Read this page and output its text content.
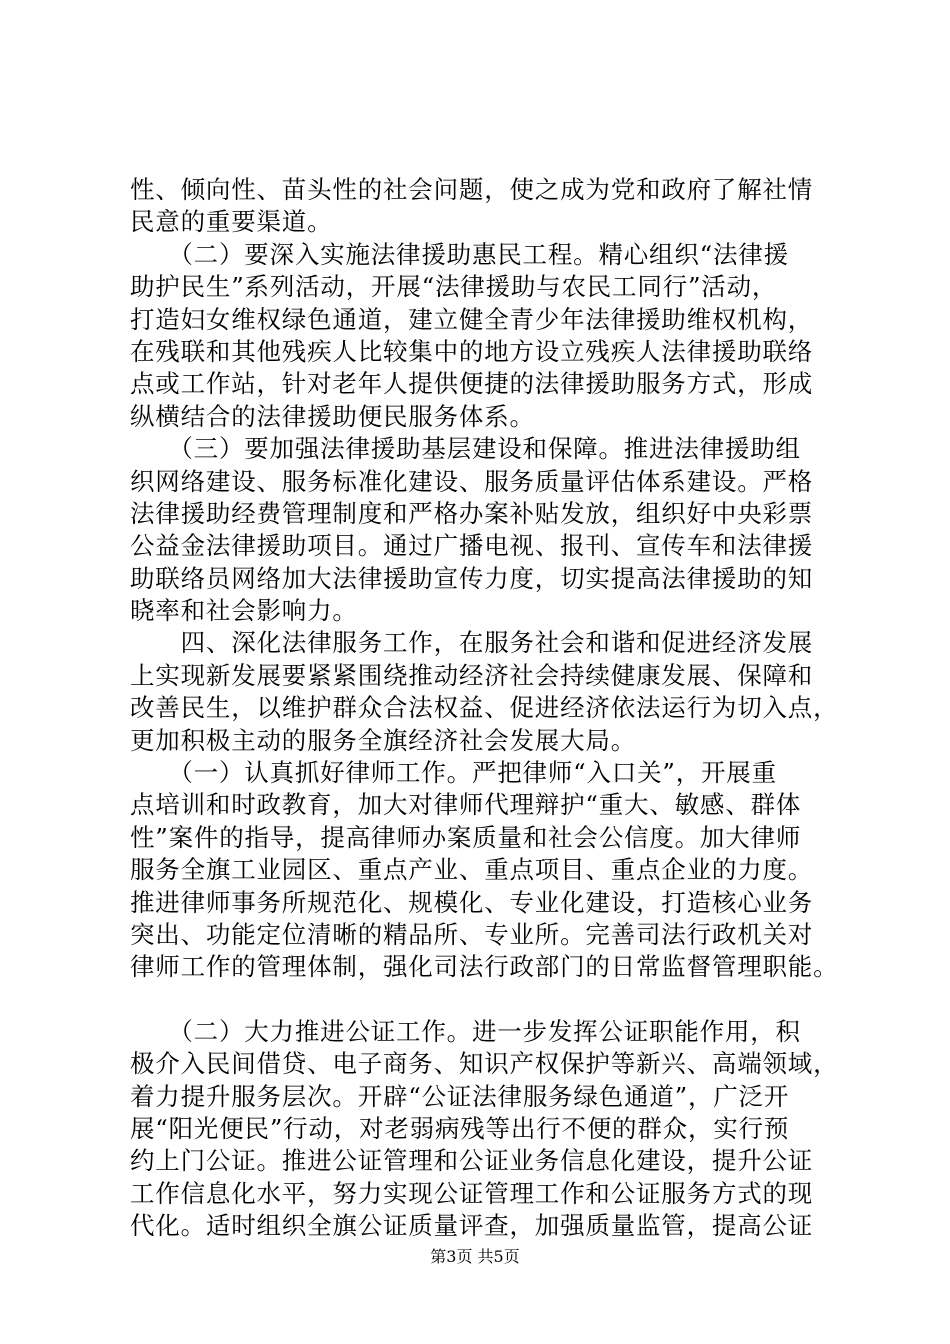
性、倾向性、苗头性的社会问题，使之成为党和政府了解社情
民意的重要渠道。
　　（二）要深入实施法律援助惠民工程。精心组织“法律援
助护民生”系列活动，开展“法律援助与农民工同行”活动，
打造妇女维权绿色通道，建立健全青少年法律援助维权机构，
在残联和其他残疾人比较集中的地方设立残疾人法律援助联络
点或工作站，针对老年人提供便捷的法律援助服务方式，形成
纵横结合的法律援助便民服务体系。
　　（三）要加强法律援助基层建设和保障。推进法律援助组
织网络建设、服务标准化建设、服务质量评估体系建设。严格
法律援助经费管理制度和严格办案补贴发放，组织好中央彩票
公益金法律援助项目。通过广播电视、报刊、宣传车和法律援
助联络员网络加大法律援助宣传力度，切实提高法律援助的知
晓率和社会影响力。
　　四、深化法律服务工作，在服务社会和谐和促进经济发展
上实现新发展要紧紧围绕推动经济社会持续健康发展、保障和
改善民生，以维护群众合法权益、促进经济依法运行为切入点，
更加积极主动的服务全旗经济社会发展大局。
　　（一）认真抓好律师工作。严把律师“入口关”，开展重
点培训和时政教育，加大对律师代理辩护“重大、敏感、群体
性”案件的指导，提高律师办案质量和社会公信度。加大律师
服务全旗工业园区、重点产业、重点项目、重点企业的力度。
推进律师事务所规范化、规模化、专业化建设，打造核心业务
突出、功能定位清晰的精品所、专业所。完善司法行政机关对
律师工作的管理体制，强化司法行政部门的日常监督管理职能。
　　（二）大力推进公证工作。进一步发挥公证职能作用，积
极介入民间借贷、电子商务、知识产权保护等新兴、高端领域，
着力提升服务层次。开辟“公证法律服务绿色通道”，广泛开
展“阳光便民”行动，对老弱病残等出行不便的群众，实行预
约上门公证。推进公证管理和公证业务信息化建设，提升公证
工作信息化水平，努力实现公证管理工作和公证服务方式的现
代化。适时组织全旗公证质量评查，加强质量监管，提高公证
第3页 共5页
